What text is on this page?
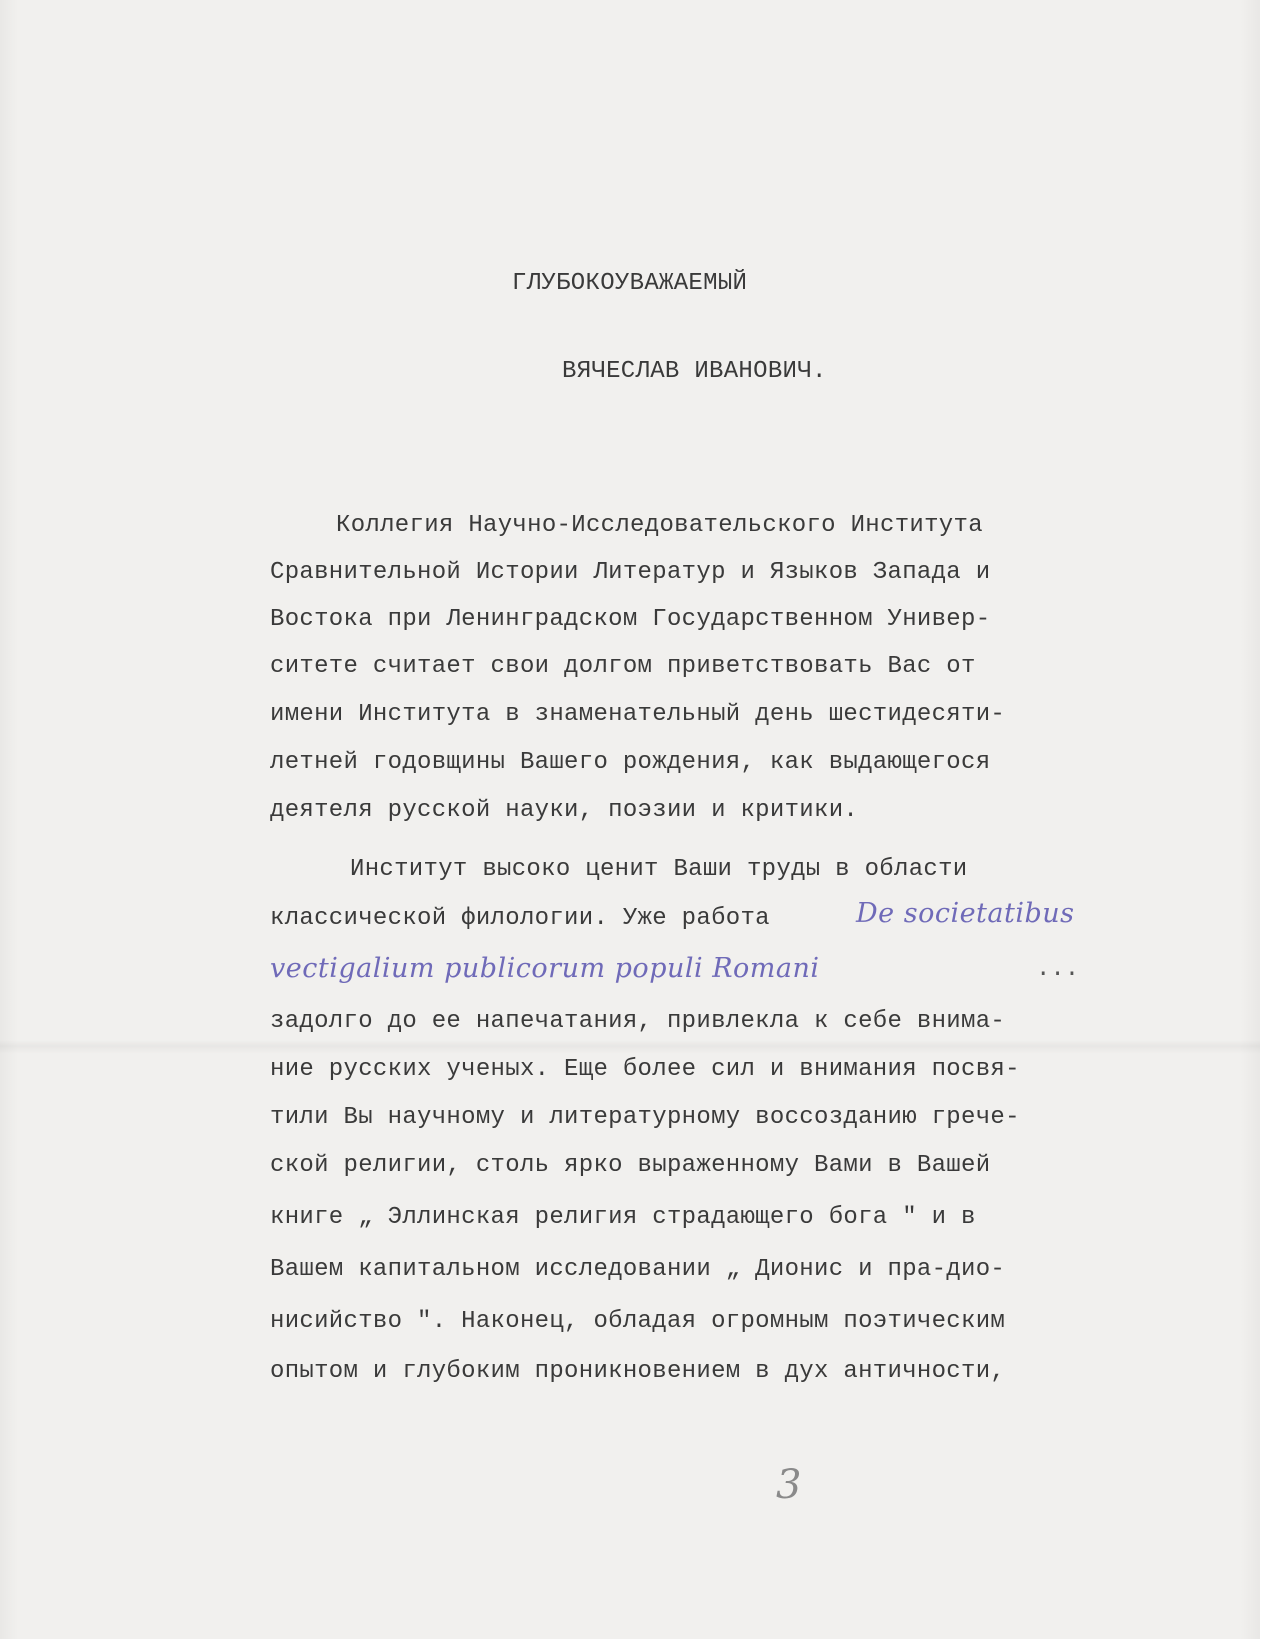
ГЛУБОКОУВАЖАЕМЫЙ
ВЯЧЕСЛАВ ИВАНОВИЧ.
Коллегия Научно-Исследовательского Института
Сравнительной Истории Литератур и Языков Запада и
Востока при Ленинградском Государственном Универ-
ситете считает свои долгом приветствовать Вас от
имени Института в знаменательный день шестидесяти-
летней годовщины Вашего рождения, как выдающегося
деятеля русской науки, поэзии и критики.
Институт высоко ценит Ваши труды в области
классической филологии. Уже работа	De societatibus
vectigalium publicorum populi Romani	...
задолго до ее напечатания, привлекла к себе внима-
ние русских ученых. Еще более сил и внимания посвя-
тили Вы научному и литературному воссозданию грече-
ской религии, столь ярко выраженному Вами в Вашей
книге „ Эллинская религия страдающего бога " и в
Вашем капитальном исследовании „ Дионис и пра-дио-
нисийство ". Наконец, обладая огромным поэтическим
опытом и глубоким проникновением в дух античности,
3
